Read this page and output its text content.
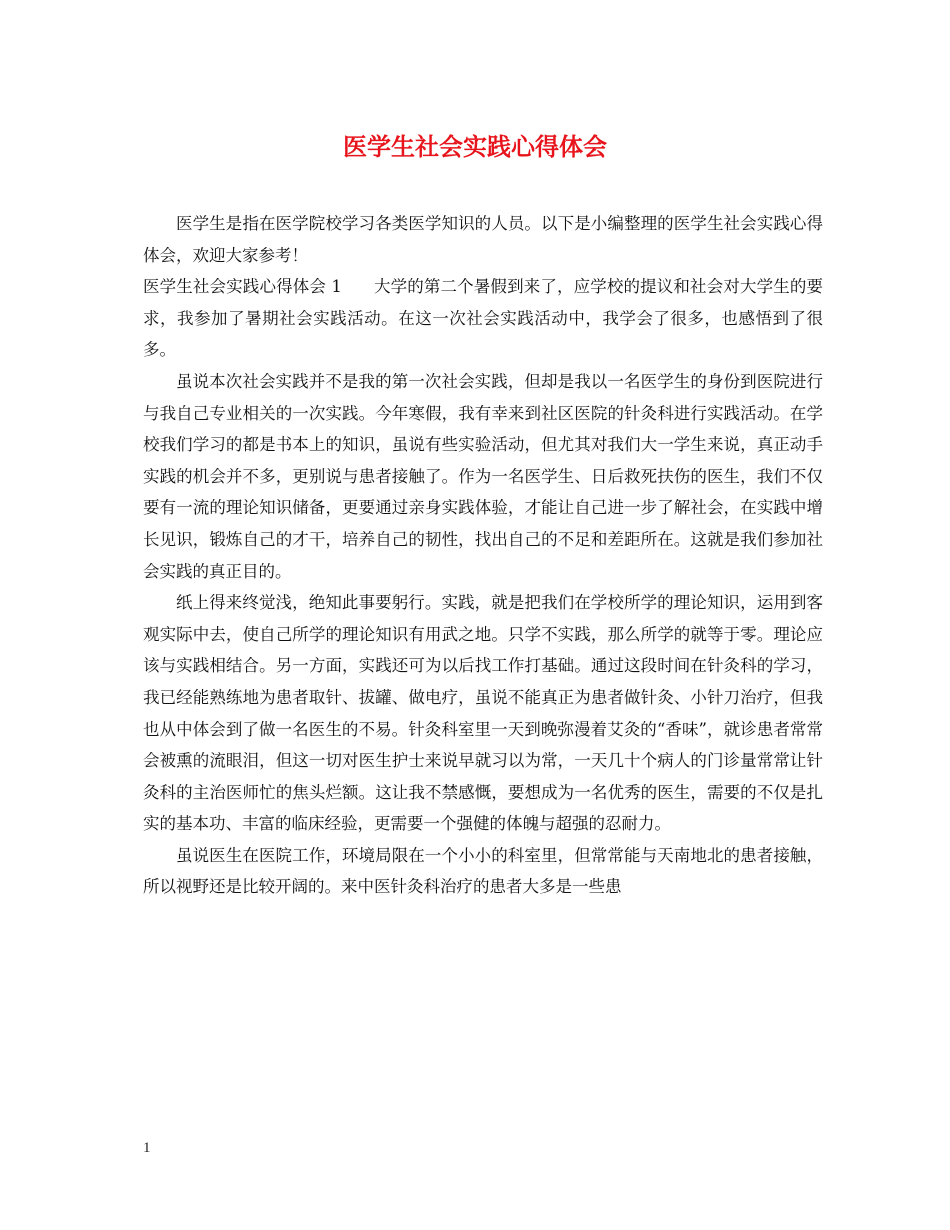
医学生社会实践心得体会

医学生是指在医学院校学习各类医学知识的人员。以下是小编整理的医学生社会实践心得体会，欢迎大家参考！

医学生社会实践心得体会 1 大学的第二个暑假到来了，应学校的提议和社会对大学生的要求，我参加了暑期社会实践活动。在这一次社会实践活动中，我学会了很多，也感悟到了很多。

虽说本次社会实践并不是我的第一次社会实践，但却是我以一名医学生的身份到医院进行与我自己专业相关的一次实践。今年寒假，我有幸来到社区医院的针灸科进行实践活动。在学校我们学习的都是书本上的知识，虽说有些实验活动，但尤其对我们大一学生来说，真正动手实践的机会并不多，更别说与患者接触了。作为一名医学生、日后救死扶伤的医生，我们不仅要有一流的理论知识储备，更要通过亲身实践体验，才能让自己进一步了解社会，在实践中增长见识，锻炼自己的才干，培养自己的韧性，找出自己的不足和差距所在。这就是我们参加社会实践的真正目的。

纸上得来终觉浅，绝知此事要躬行。实践，就是把我们在学校所学的理论知识，运用到客观实际中去，使自己所学的理论知识有用武之地。只学不实践，那么所学的就等于零。理论应该与实践相结合。另一方面，实践还可为以后找工作打基础。通过这段时间在针灸科的学习，我已经能熟练地为患者取针、拔罐、做电疗，虽说不能真正为患者做针灸、小针刀治疗，但我也从中体会到了做一名医生的不易。针灸科室里一天到晚弥漫着艾灸的“香味”，就诊患者常常会被熏的流眼泪，但这一切对医生护士来说早就习以为常，一天几十个病人的门诊量常常让针灸科的主治医师忙的焦头烂额。这让我不禁感慨，要想成为一名优秀的医生，需要的不仅是扎实的基本功、丰富的临床经验，更需要一个强健的体魄与超强的忍耐力。

虽说医生在医院工作，环境局限在一个小小的科室里，但常常能与天南地北的患者接触，所以视野还是比较开阔的。来中医针灸科治疗的患者大多是一些患

1
